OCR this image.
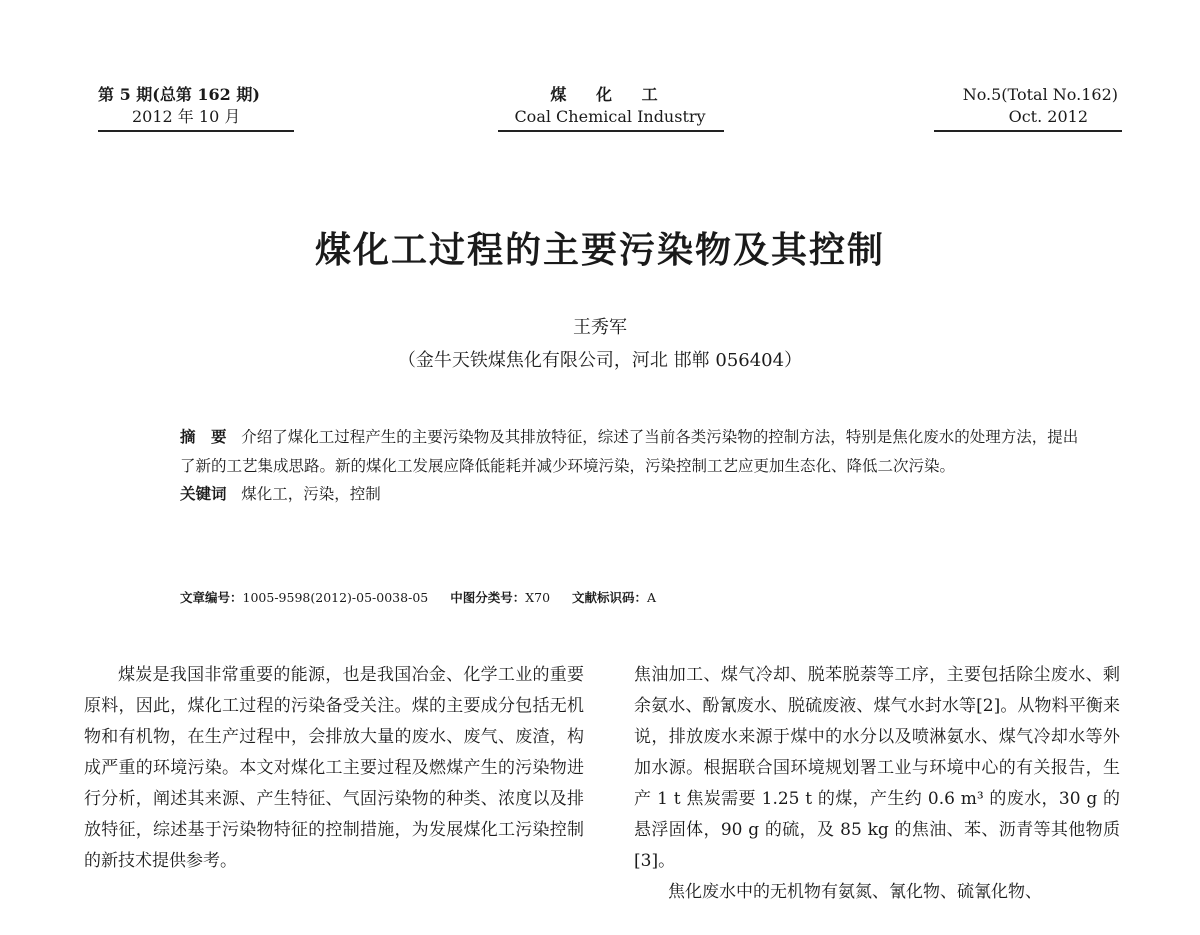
第 5 期(总第 162 期)
2012 年 10 月
煤 化 工
Coal Chemical Industry
No.5(Total No.162)
Oct. 2012
煤化工过程的主要污染物及其控制
王秀军
（金牛天铁煤焦化有限公司，河北 邯郸 056404）
摘　要 介绍了煤化工过程产生的主要污染物及其排放特征，综述了当前各类污染物的控制方法，特别是焦化废水的处理方法，提出了新的工艺集成思路。新的煤化工发展应降低能耗并减少环境污染，污染控制工艺应更加生态化、降低二次污染。
关键词 煤化工，污染，控制
文章编号：1005-9598(2012)-05-0038-05 中图分类号：X70 文献标识码：A

煤炭是我国非常重要的能源，也是我国冶金、化学工业的重要原料，因此，煤化工过程的污染备受关注。煤的主要成分包括无机物和有机物，在生产过程中，会排放大量的废水、废气、废渣，构成严重的环境污染。本文对煤化工主要过程及燃煤产生的污染物进行分析，阐述其来源、产生特征、气固污染物的种类、浓度以及排放特征，综述基于污染物特征的控制措施，为发展煤化工污染控制的新技术提供参考。

焦油加工、煤气冷却、脱苯脱萘等工序，主要包括除尘废水、剩余氨水、酚氰废水、脱硫废液、煤气水封水等[2]。从物料平衡来说，排放废水来源于煤中的水分以及喷淋氨水、煤气冷却水等外加水源。根据联合国环境规划署工业与环境中心的有关报告，生产 1 t 焦炭需要 1.25 t 的煤，产生约 0.6 m³ 的废水，30 g 的悬浮固体，90 g 的硫，及 85 kg 的焦油、苯、沥青等其他物质[3]。

焦化废水中的无机物有氨氮、氰化物、硫氰化物、
